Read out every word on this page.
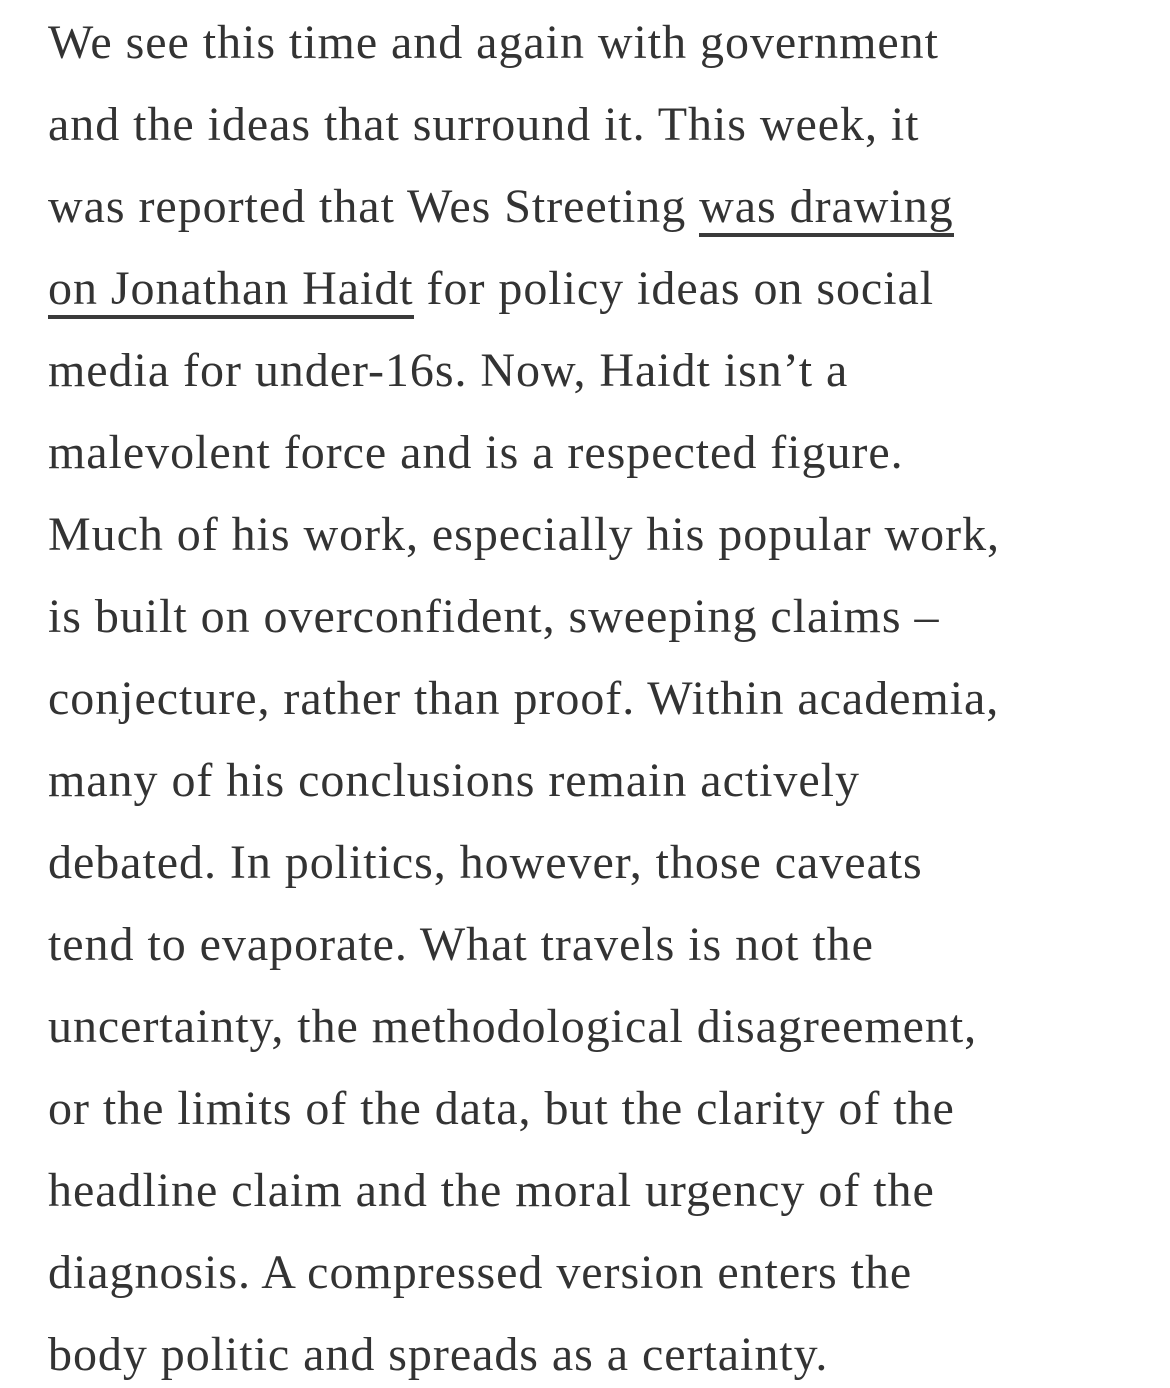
We see this time and again with government
and the ideas that surround it. This week, it
was reported that Wes Streeting was drawing
on Jonathan Haidt for policy ideas on social
media for under-16s. Now, Haidt isn’t a
malevolent force and is a respected figure.
Much of his work, especially his popular work,
is built on overconfident, sweeping claims –
conjecture, rather than proof. Within academia,
many of his conclusions remain actively
debated. In politics, however, those caveats
tend to evaporate. What travels is not the
uncertainty, the methodological disagreement,
or the limits of the data, but the clarity of the
headline claim and the moral urgency of the
diagnosis. A compressed version enters the
body politic and spreads as a certainty.
